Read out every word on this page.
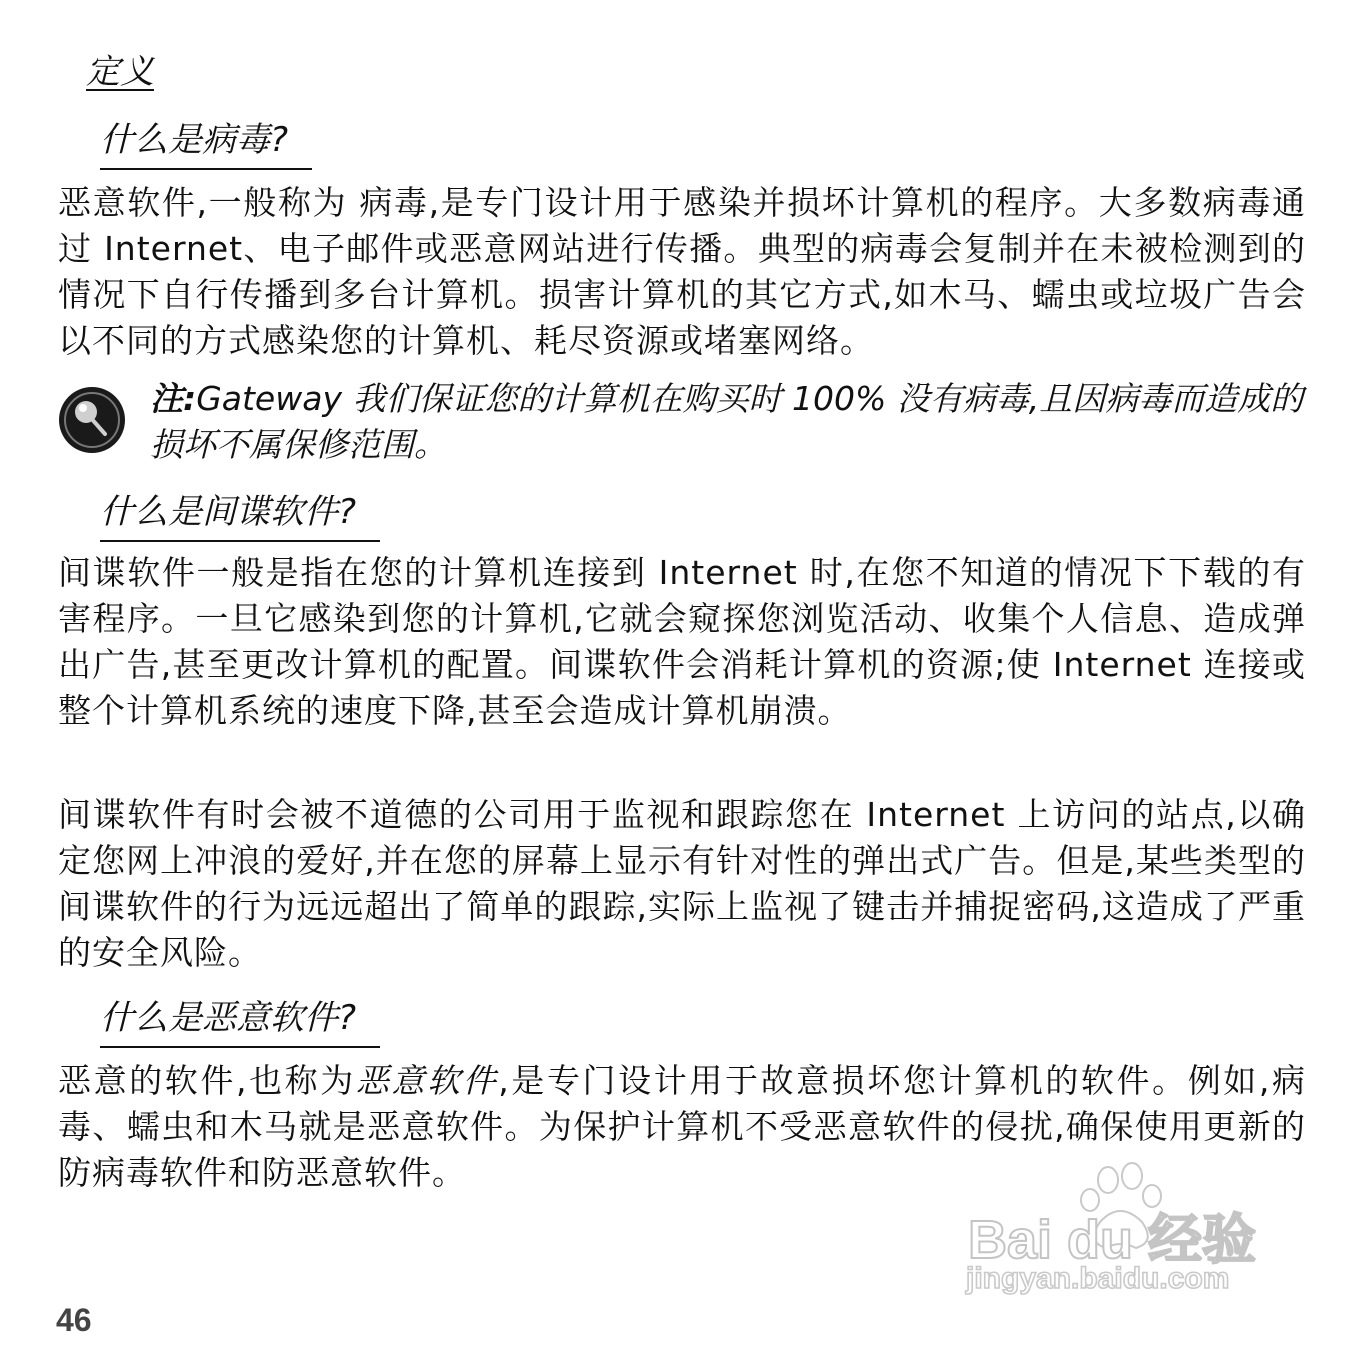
定义
什么是病毒?

恶意软件,一般称为 病毒,是专门设计用于感染并损坏计算机的程序。大多数病毒通过 Internet、电子邮件或恶意网站进行传播。典型的病毒会复制并在未被检测到的情况下自行传播到多台计算机。损害计算机的其它方式,如木马、蠕虫或垃圾广告会以不同的方式感染您的计算机、耗尽资源或堵塞网络。

注:Gateway 我们保证您的计算机在购买时 100% 没有病毒,且因病毒而造成的损坏不属保修范围。

什么是间谍软件?

间谍软件一般是指在您的计算机连接到 Internet 时,在您不知道的情况下下载的有害程序。一旦它感染到您的计算机,它就会窥探您浏览活动、收集个人信息、造成弹出广告,甚至更改计算机的配置。间谍软件会消耗计算机的资源;使 Internet 连接或整个计算机系统的速度下降,甚至会造成计算机崩溃。

间谍软件有时会被不道德的公司用于监视和跟踪您在 Internet 上访问的站点,以确定您网上冲浪的爱好,并在您的屏幕上显示有针对性的弹出式广告。但是,某些类型的间谍软件的行为远远超出了简单的跟踪,实际上监视了键击并捕捉密码,这造成了严重的安全风险。

什么是恶意软件?

恶意的软件,也称为恶意软件,是专门设计用于故意损坏您计算机的软件。例如,病毒、蠕虫和木马就是恶意软件。为保护计算机不受恶意软件的侵扰,确保使用更新的防病毒软件和防恶意软件。

46
Bai du 经验
jingyan.baidu.com
